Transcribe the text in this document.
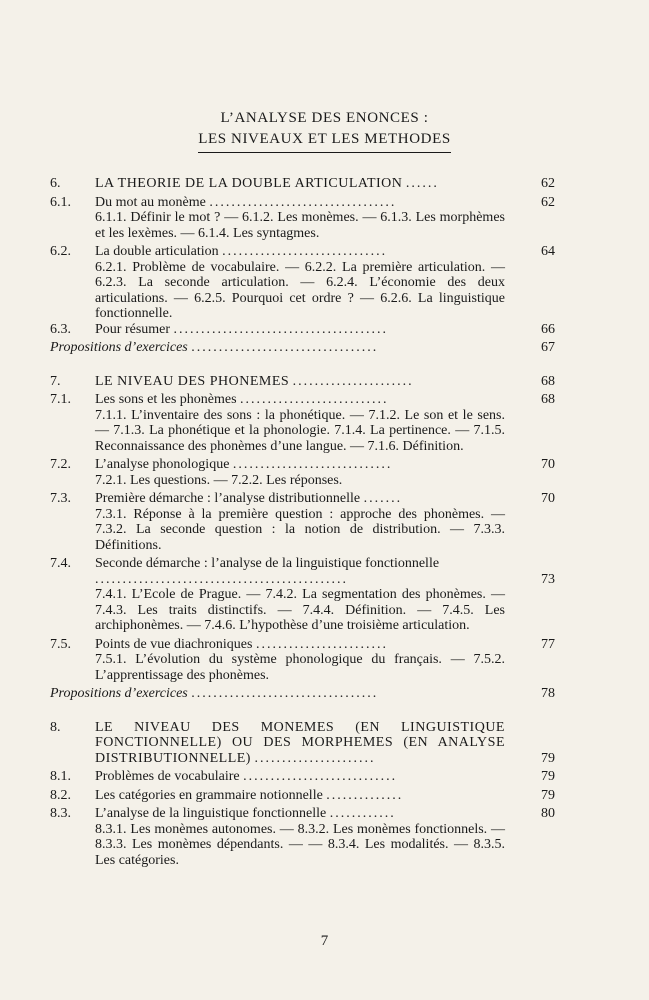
L’ANALYSE DES ENONCES :
LES NIVEAUX ET LES METHODES
6. LA THEORIE DE LA DOUBLE ARTICULATION ......	62
6.1. Du mot au monème ..................................	62
6.1.1. Définir le mot ? — 6.1.2. Les monèmes. — 6.1.3. Les morphèmes et les lexèmes. — 6.1.4. Les syntagmes.
6.2. La double articulation ..............................	64
6.2.1. Problème de vocabulaire. — 6.2.2. La première articulation. — 6.2.3. La seconde articulation. — 6.2.4. L’économie des deux articulations. — 6.2.5. Pourquoi cet ordre ? — 6.2.6. La linguistique fonctionnelle.
6.3. Pour résumer .......................................	66
Propositions d’exercices ..................................	67
7. LE NIVEAU DES PHONEMES ......................	68
7.1. Les sons et les phonèmes ...........................	68
7.1.1. L’inventaire des sons : la phonétique. — 7.1.2. Le son et le sens. — 7.1.3. La phonétique et la phonologie. 7.1.4. La pertinence. — 7.1.5. Reconnaissance des phonèmes d’une langue. — 7.1.6. Définition.
7.2. L’analyse phonologique .............................	70
7.2.1. Les questions. — 7.2.2. Les réponses.
7.3. Première démarche : l’analyse distributionnelle .......	70
7.3.1. Réponse à la première question : approche des phonèmes. — 7.3.2. La seconde question : la notion de distribution. — 7.3.3. Définitions.
7.4. Seconde démarche : l’analyse de la linguistique fonctionnelle ..............................................	73
7.4.1. L’Ecole de Prague. — 7.4.2. La segmentation des phonèmes. — 7.4.3. Les traits distinctifs. — 7.4.4. Définition. — 7.4.5. Les archiphonèmes. — 7.4.6. L’hypothèse d’une troisième articulation.
7.5. Points de vue diachroniques ........................	77
7.5.1. L’évolution du système phonologique du français. — 7.5.2. L’apprentissage des phonèmes.
Propositions d’exercices ..................................	78
8. LE NIVEAU DES MONEMES (EN LINGUISTIQUE FONCTIONNELLE) OU DES MORPHEMES (EN ANALYSE DISTRIBUTIONNELLE) ......................	79
8.1. Problèmes de vocabulaire ............................	79
8.2. Les catégories en grammaire notionnelle ..............	79
8.3. L’analyse de la linguistique fonctionnelle ............	80
8.3.1. Les monèmes autonomes. — 8.3.2. Les monèmes fonctionnels. — 8.3.3. Les monèmes dépendants. — — 8.3.4. Les modalités. — 8.3.5. Les catégories.
7
